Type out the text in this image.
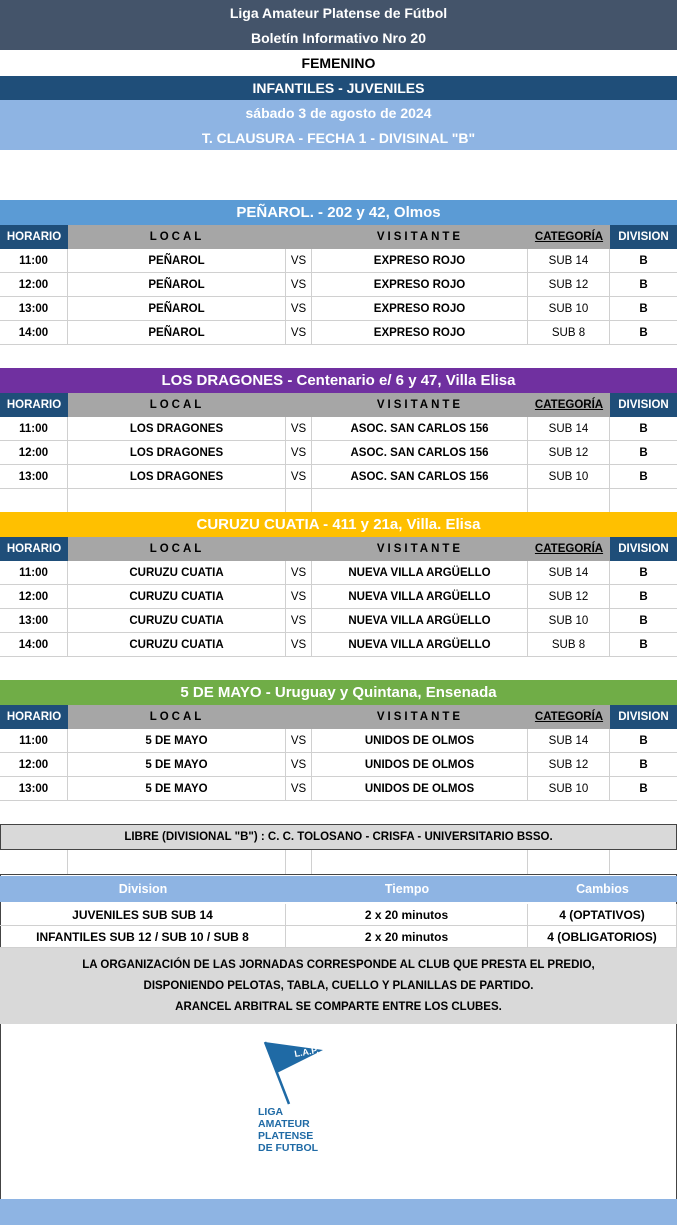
Liga Amateur Platense de Fútbol
Boletín Informativo Nro 20
FEMENINO
INFANTILES - JUVENILES
sábado 3 de agosto de 2024
T. CLAUSURA - FECHA 1 - DIVISINAL "B"
PEÑAROL. - 202 y 42, Olmos
HORARIO	LOCAL	VISITANTE	CATEGORÍA	DIVISION
11:00	PEÑAROL	VS	EXPRESO ROJO	SUB 14	B
12:00	PEÑAROL	VS	EXPRESO ROJO	SUB 12	B
13:00	PEÑAROL	VS	EXPRESO ROJO	SUB 10	B
14:00	PEÑAROL	VS	EXPRESO ROJO	SUB 8	B
LOS DRAGONES - Centenario e/ 6 y 47, Villa Elisa
HORARIO	LOCAL	VISITANTE	CATEGORÍA	DIVISION
11:00	LOS DRAGONES	VS	ASOC. SAN CARLOS 156	SUB 14	B
12:00	LOS DRAGONES	VS	ASOC. SAN CARLOS 156	SUB 12	B
13:00	LOS DRAGONES	VS	ASOC. SAN CARLOS 156	SUB 10	B
CURUZU CUATIA - 411 y 21a, Villa. Elisa
HORARIO	LOCAL	VISITANTE	CATEGORÍA	DIVISION
11:00	CURUZU CUATIA	VS	NUEVA VILLA ARGÜELLO	SUB 14	B
12:00	CURUZU CUATIA	VS	NUEVA VILLA ARGÜELLO	SUB 12	B
13:00	CURUZU CUATIA	VS	NUEVA VILLA ARGÜELLO	SUB 10	B
14:00	CURUZU CUATIA	VS	NUEVA VILLA ARGÜELLO	SUB 8	B
5 DE MAYO - Uruguay y Quintana, Ensenada
HORARIO	LOCAL	VISITANTE	CATEGORÍA	DIVISION
11:00	5 DE MAYO	VS	UNIDOS DE OLMOS	SUB 14	B
12:00	5 DE MAYO	VS	UNIDOS DE OLMOS	SUB 12	B
13:00	5 DE MAYO	VS	UNIDOS DE OLMOS	SUB 10	B
LIBRE (DIVISIONAL "B") : C. C. TOLOSANO - CRISFA - UNIVERSITARIO BSSO.
Division	Tiempo	Cambios
JUVENILES SUB SUB 14	2 x 20 minutos	4 (OPTATIVOS)
INFANTILES SUB 12 / SUB 10 / SUB 8	2 x 20 minutos	4 (OBLIGATORIOS)
LA ORGANIZACIÓN DE LAS JORNADAS CORRESPONDE AL CLUB QUE PRESTA EL PREDIO,
DISPONIENDO PELOTAS, TABLA, CUELLO Y PLANILLAS DE PARTIDO.
ARANCEL ARBITRAL SE COMPARTE ENTRE LOS CLUBES.
L.A.P.
LIGA
AMATEUR
PLATENSE
DE FUTBOL
